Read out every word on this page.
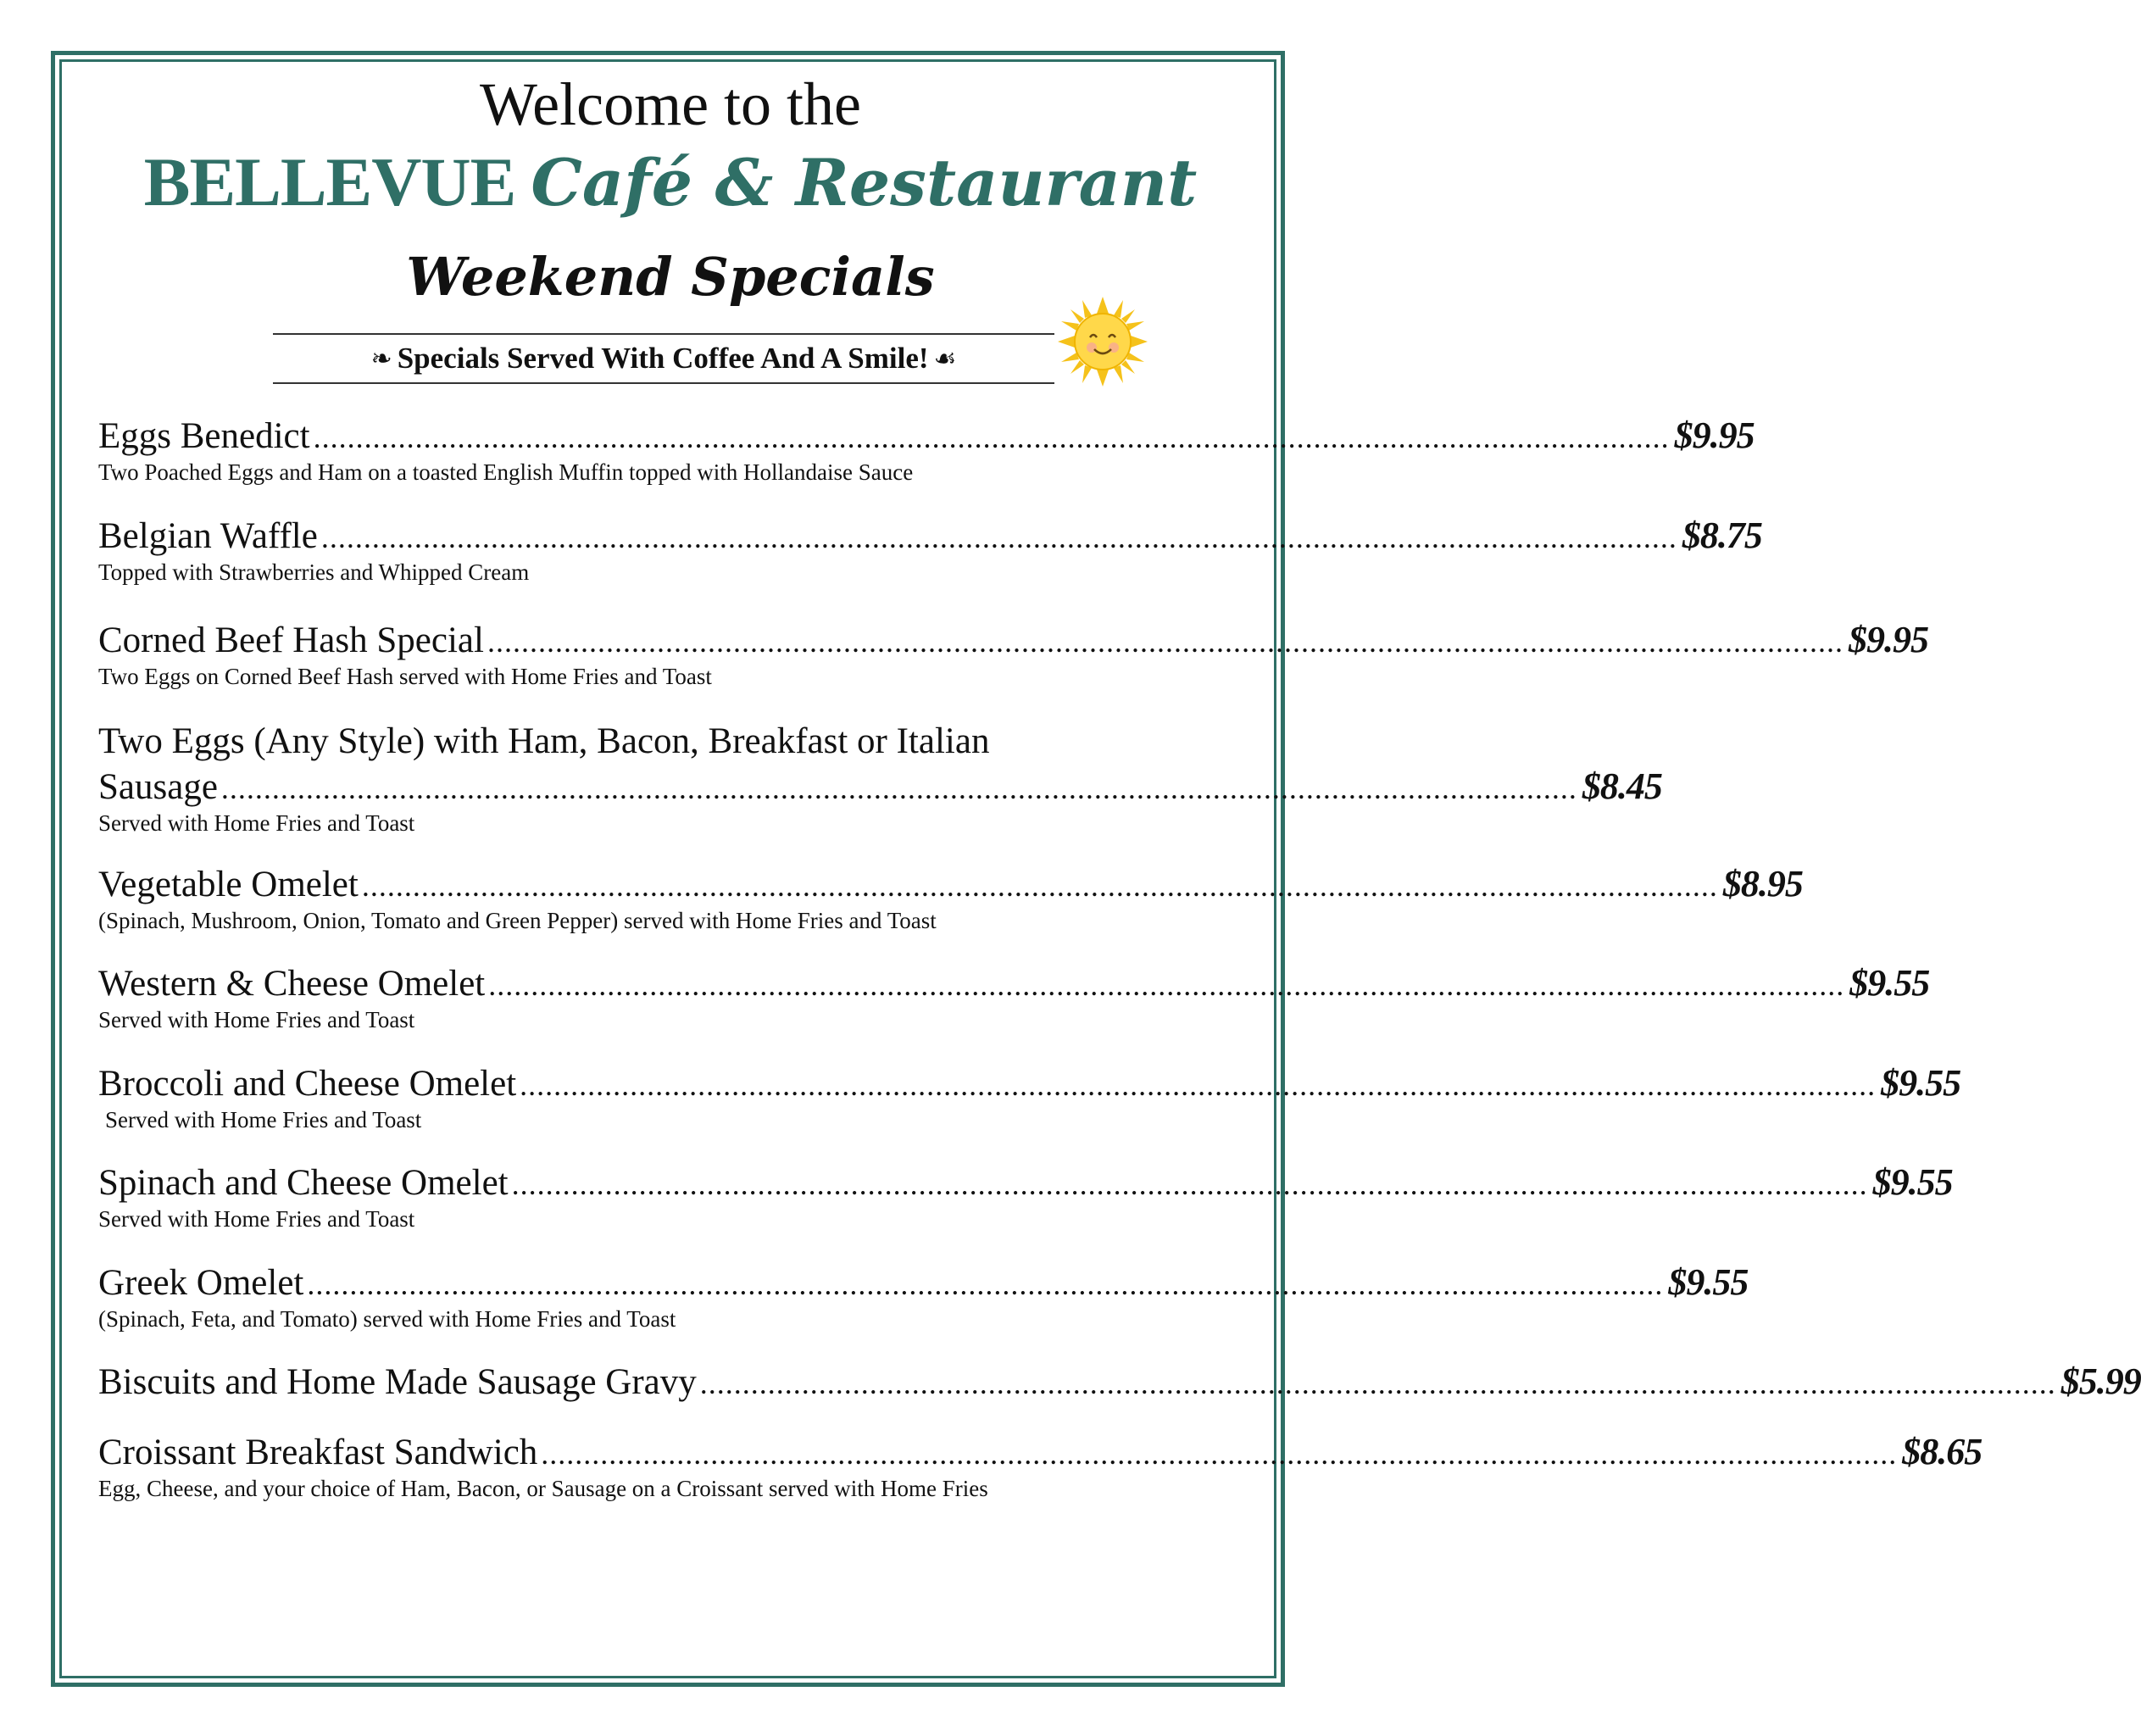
Welcome to the
BELLEVUE Café & Restaurant
Weekend Specials
❧ Specials Served With Coffee And A Smile! ☙
Eggs Benedict ................................................................................................................................................................ $9.95
Two Poached Eggs and Ham on a toasted English Muffin topped with Hollandaise Sauce
Belgian Waffle ................................................................................................................................................................ $8.75
Topped with Strawberries and Whipped Cream
Corned Beef Hash Special ................................................................................................................................................................ $9.95
Two Eggs on Corned Beef Hash served with Home Fries and Toast
Two Eggs (Any Style) with Ham, Bacon, Breakfast or Italian
Sausage ................................................................................................................................................................ $8.45
Served with Home Fries and Toast
Vegetable Omelet ................................................................................................................................................................ $8.95
(Spinach, Mushroom, Onion, Tomato and Green Pepper) served with Home Fries and Toast
Western & Cheese Omelet ................................................................................................................................................................ $9.55
Served with Home Fries and Toast
Broccoli and Cheese Omelet ................................................................................................................................................................ $9.55
Served with Home Fries and Toast
Spinach and Cheese Omelet ................................................................................................................................................................ $9.55
Served with Home Fries and Toast
Greek Omelet ................................................................................................................................................................ $9.55
(Spinach, Feta, and Tomato) served with Home Fries and Toast
Biscuits and Home Made Sausage Gravy ................................................................................................................................................................ $5.99
Croissant Breakfast Sandwich ................................................................................................................................................................ $8.65
Egg, Cheese, and your choice of Ham, Bacon, or Sausage on a Croissant served with Home Fries
